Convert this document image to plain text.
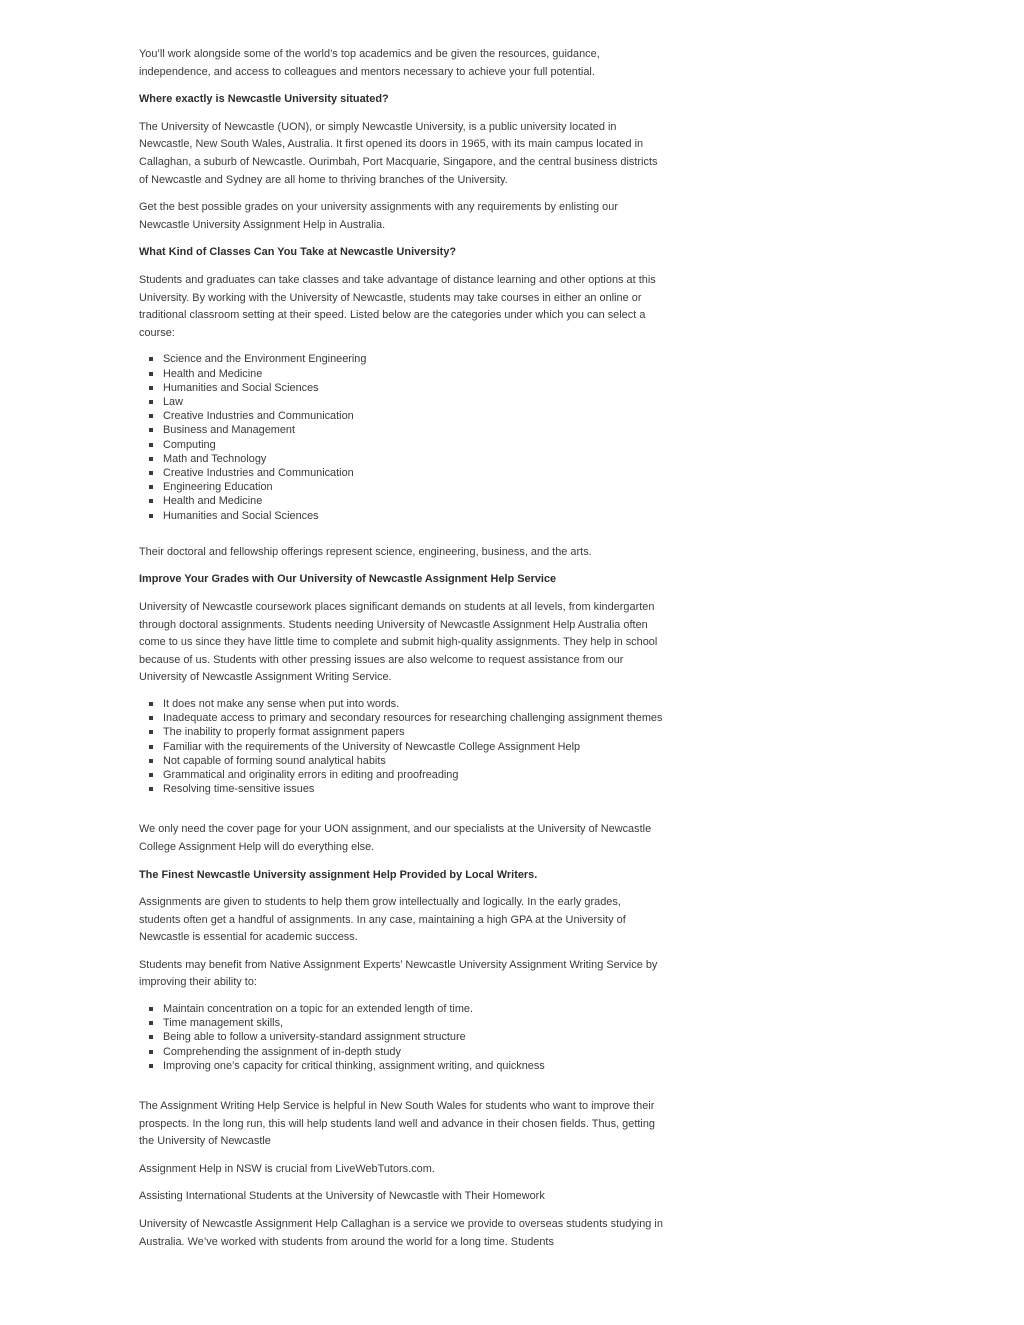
You’ll work alongside some of the world’s top academics and be given the resources, guidance, independence, and access to colleagues and mentors necessary to achieve your full potential.

Where exactly is Newcastle University situated?

The University of Newcastle (UON), or simply Newcastle University, is a public university located in Newcastle, New South Wales, Australia. It first opened its doors in 1965, with its main campus located in Callaghan, a suburb of Newcastle. Ourimbah, Port Macquarie, Singapore, and the central business districts of Newcastle and Sydney are all home to thriving branches of the University.

Get the best possible grades on your university assignments with any requirements by enlisting our Newcastle University Assignment Help in Australia.

What Kind of Classes Can You Take at Newcastle University?

Students and graduates can take classes and take advantage of distance learning and other options at this University. By working with the University of Newcastle, students may take courses in either an online or traditional classroom setting at their speed. Listed below are the categories under which you can select a course:

Science and the Environment Engineering
Health and Medicine
Humanities and Social Sciences
Law
Creative Industries and Communication
Business and Management
Computing
Math and Technology
Creative Industries and Communication
Engineering Education
Health and Medicine
Humanities and Social Sciences

Their doctoral and fellowship offerings represent science, engineering, business, and the arts.

Improve Your Grades with Our University of Newcastle Assignment Help Service

University of Newcastle coursework places significant demands on students at all levels, from kindergarten through doctoral assignments. Students needing University of Newcastle Assignment Help Australia often come to us since they have little time to complete and submit high-quality assignments. They help in school because of us. Students with other pressing issues are also welcome to request assistance from our University of Newcastle Assignment Writing Service.

It does not make any sense when put into words.
Inadequate access to primary and secondary resources for researching challenging assignment themes
The inability to properly format assignment papers
Familiar with the requirements of the University of Newcastle College Assignment Help
Not capable of forming sound analytical habits
Grammatical and originality errors in editing and proofreading
Resolving time-sensitive issues

We only need the cover page for your UON assignment, and our specialists at the University of Newcastle College Assignment Help will do everything else.

The Finest Newcastle University assignment Help Provided by Local Writers.

Assignments are given to students to help them grow intellectually and logically. In the early grades, students often get a handful of assignments. In any case, maintaining a high GPA at the University of Newcastle is essential for academic success.

Students may benefit from Native Assignment Experts’ Newcastle University Assignment Writing Service by improving their ability to:

Maintain concentration on a topic for an extended length of time.
Time management skills,
Being able to follow a university-standard assignment structure
Comprehending the assignment of in-depth study
Improving one’s capacity for critical thinking, assignment writing, and quickness

The Assignment Writing Help Service is helpful in New South Wales for students who want to improve their prospects. In the long run, this will help students land well and advance in their chosen fields. Thus, getting the University of Newcastle

Assignment Help in NSW is crucial from LiveWebTutors.com.

Assisting International Students at the University of Newcastle with Their Homework

University of Newcastle Assignment Help Callaghan is a service we provide to overseas students studying in Australia. We’ve worked with students from around the world for a long time. Students
